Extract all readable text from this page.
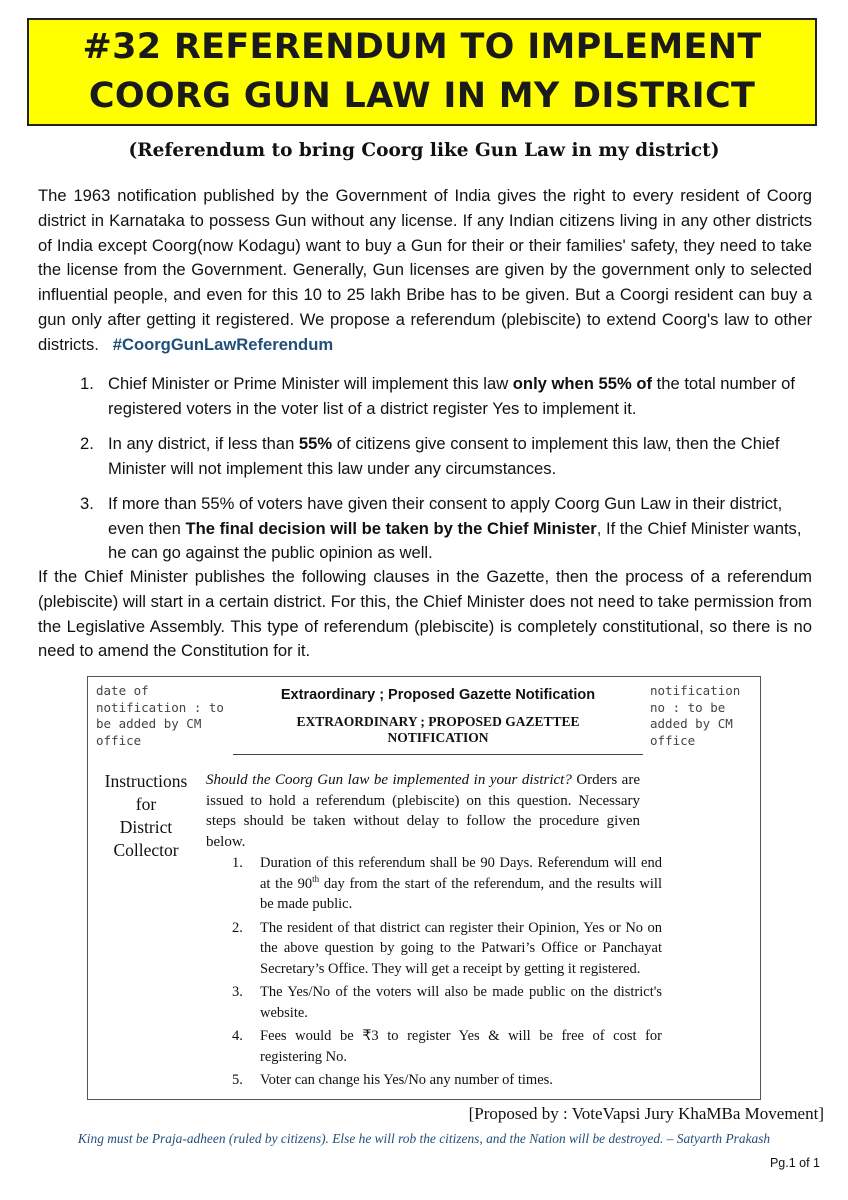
#32 REFERENDUM TO IMPLEMENT
COORG GUN LAW IN MY DISTRICT
(Referendum to bring Coorg like Gun Law in my district)
The 1963 notification published by the Government of India gives the right to every resident of Coorg district in Karnataka to possess Gun without any license. If any Indian citizens living in any other districts of India except Coorg(now Kodagu) want to buy a Gun for their or their families' safety, they need to take the license from the Government. Generally, Gun licenses are given by the government only to selected influential people, and even for this 10 to 25 lakh Bribe has to be given. But a Coorgi resident can buy a gun only after getting it registered. We propose a referendum (plebiscite) to extend Coorg's law to other districts. #CoorgGunLawReferendum
1. Chief Minister or Prime Minister will implement this law only when 55% of the total number of registered voters in the voter list of a district register Yes to implement it.
2. In any district, if less than 55% of citizens give consent to implement this law, then the Chief Minister will not implement this law under any circumstances.
3. If more than 55% of voters have given their consent to apply Coorg Gun Law in their district, even then The final decision will be taken by the Chief Minister, If the Chief Minister wants, he can go against the public opinion as well.
If the Chief Minister publishes the following clauses in the Gazette, then the process of a referendum (plebiscite) will start in a certain district. For this, the Chief Minister does not need to take permission from the Legislative Assembly. This type of referendum (plebiscite) is completely constitutional, so there is no need to amend the Constitution for it.
date of notification : to be added by CM office
notification no : to be added by CM office
Extraordinary ; Proposed Gazette Notification
EXTRAORDINARY ; PROPOSED GAZETTEE
NOTIFICATION
Instructions
for
District
Collector
Should the Coorg Gun law be implemented in your district? Orders are issued to hold a referendum (plebiscite) on this question. Necessary steps should be taken without delay to follow the procedure given below.
1. Duration of this referendum shall be 90 Days. Referendum will end at the 90th day from the start of the referendum, and the results will be made public.
2. The resident of that district can register their Opinion, Yes or No on the above question by going to the Patwari’s Office or Panchayat Secretary’s Office. They will get a receipt by getting it registered.
3. The Yes/No of the voters will also be made public on the district's website.
4. Fees would be ₹3 to register Yes & will be free of cost for registering No.
5. Voter can change his Yes/No any number of times.
[Proposed by : VoteVapsi Jury KhaMBa Movement]
King must be Praja-adheen (ruled by citizens). Else he will rob the citizens, and the Nation will be destroyed. – Satyarth Prakash
Pg.1 of 1
